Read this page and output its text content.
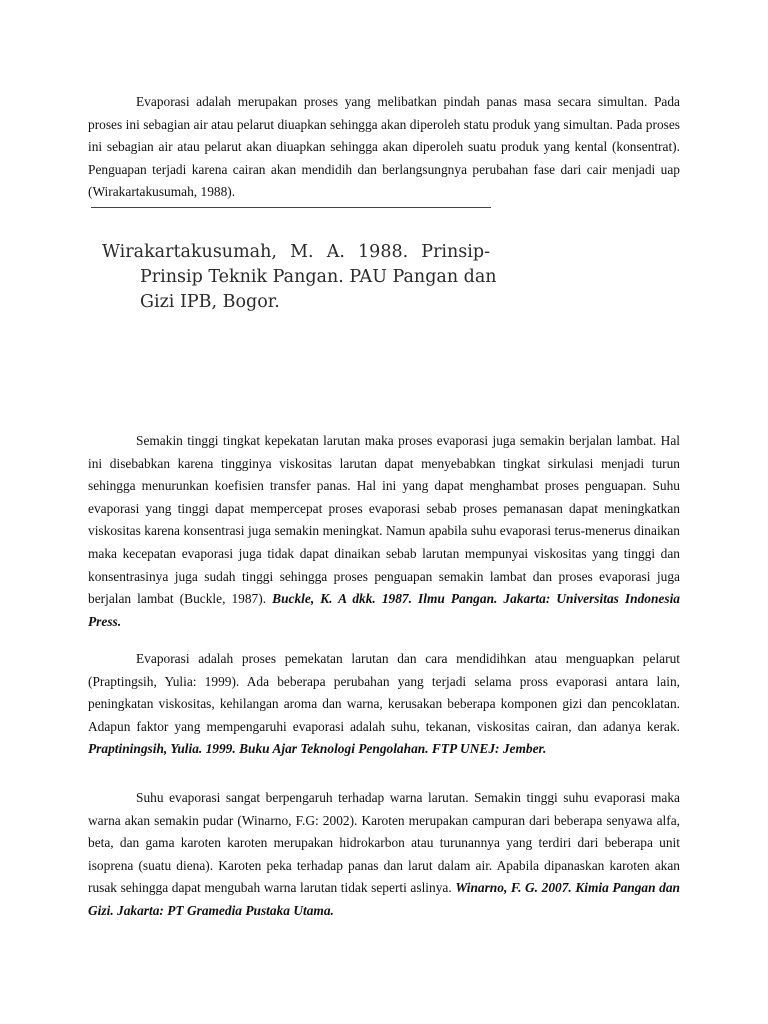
Evaporasi adalah merupakan proses yang melibatkan pindah panas masa secara simultan. Pada proses ini sebagian air atau pelarut diuapkan sehingga akan diperoleh statu produk yang simultan. Pada proses ini sebagian air atau pelarut akan diuapkan sehingga akan diperoleh suatu produk yang kental (konsentrat). Penguapan terjadi karena cairan akan mendidih dan berlangsungnya perubahan fase dari cair menjadi uap (Wirakartakusumah, 1988).

Wirakartakusumah, M. A. 1988. Prinsip-
Prinsip Teknik Pangan. PAU Pangan dan
Gizi IPB, Bogor.

Semakin tinggi tingkat kepekatan larutan maka proses evaporasi juga semakin berjalan lambat. Hal ini disebabkan karena tingginya viskositas larutan dapat menyebabkan tingkat sirkulasi menjadi turun sehingga menurunkan koefisien transfer panas. Hal ini yang dapat menghambat proses penguapan. Suhu evaporasi yang tinggi dapat mempercepat proses evaporasi sebab proses pemanasan dapat meningkatkan viskositas karena konsentrasi juga semakin meningkat. Namun apabila suhu evaporasi terus-menerus dinaikan maka kecepatan evaporasi juga tidak dapat dinaikan sebab larutan mempunyai viskositas yang tinggi dan konsentrasinya juga sudah tinggi sehingga proses penguapan semakin lambat dan proses evaporasi juga berjalan lambat (Buckle, 1987). Buckle, K. A dkk. 1987. Ilmu Pangan. Jakarta: Universitas Indonesia Press.

Evaporasi adalah proses pemekatan larutan dan cara mendidihkan atau menguapkan pelarut (Praptingsih, Yulia: 1999). Ada beberapa perubahan yang terjadi selama pross evaporasi antara lain, peningkatan viskositas, kehilangan aroma dan warna, kerusakan beberapa komponen gizi dan pencoklatan. Adapun faktor yang mempengaruhi evaporasi adalah suhu, tekanan, viskositas cairan, dan adanya kerak. Praptiningsih, Yulia. 1999. Buku Ajar Teknologi Pengolahan. FTP UNEJ: Jember.

Suhu evaporasi sangat berpengaruh terhadap warna larutan. Semakin tinggi suhu evaporasi maka warna akan semakin pudar (Winarno, F.G: 2002). Karoten merupakan campuran dari beberapa senyawa alfa, beta, dan gama karoten karoten merupakan hidrokarbon atau turunannya yang terdiri dari beberapa unit isoprena (suatu diena). Karoten peka terhadap panas dan larut dalam air. Apabila dipanaskan karoten akan rusak sehingga dapat mengubah warna larutan tidak seperti aslinya. Winarno, F. G. 2007. Kimia Pangan dan Gizi. Jakarta: PT Gramedia Pustaka Utama.
